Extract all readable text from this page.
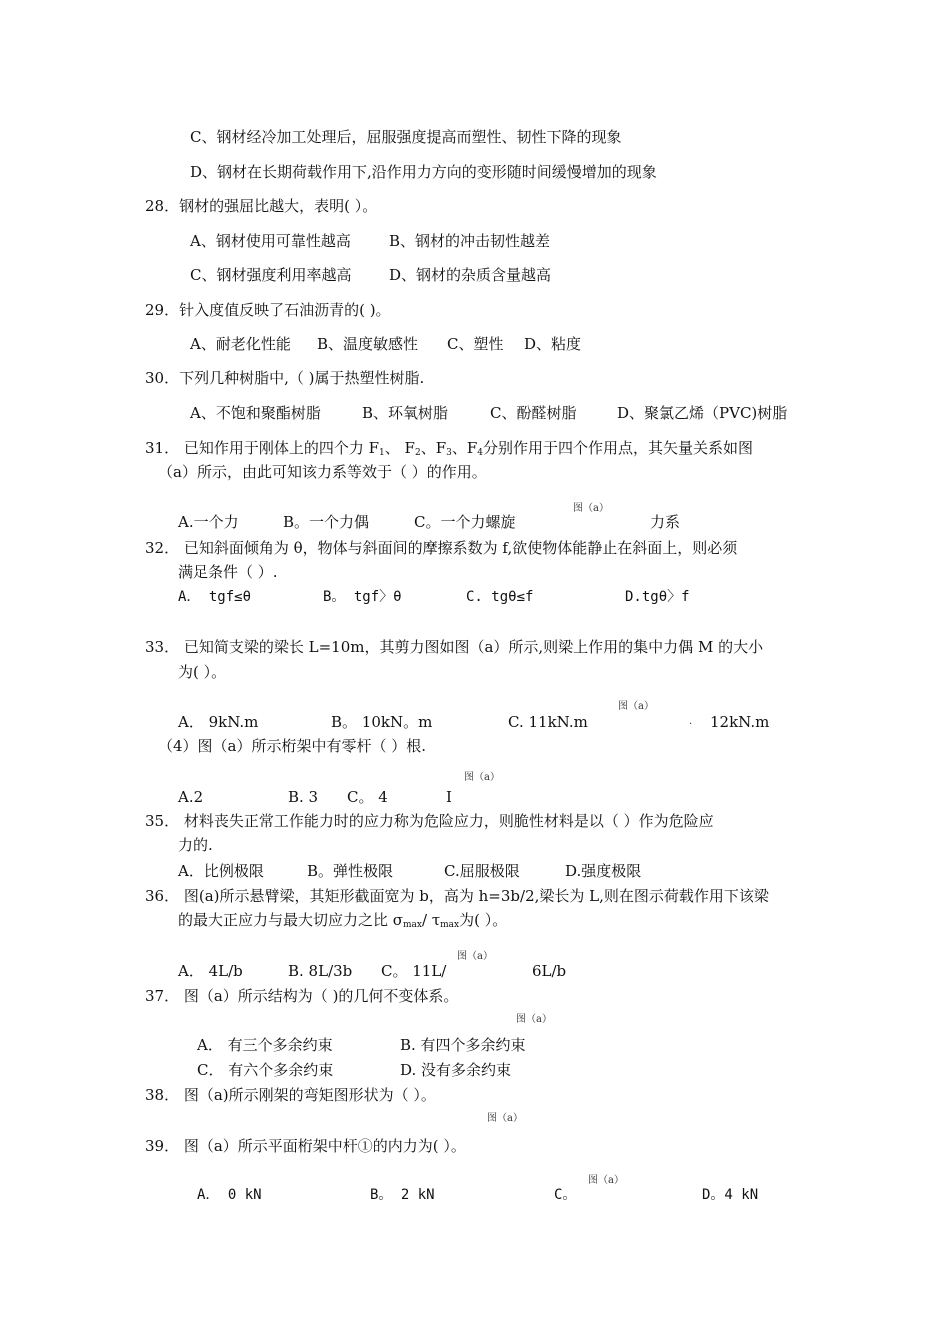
C、钢材经冷加工处理后，屈服强度提高而塑性、韧性下降的现象
D、钢材在长期荷载作用下,沿作用力方向的变形随时间缓慢增加的现象
28．钢材的强屈比越大，表明( ）。
A、钢材使用可靠性越高	B、钢材的冲击韧性越差
C、钢材强度利用率越高	D、钢材的杂质含量越高
29．针入度值反映了石油沥青的( )。
A、耐老化性能 B、温度敏感性 C、塑性 D、粘度
30．下列几种树脂中,（ )属于热塑性树脂.
A、不饱和聚酯树脂	B、环氧树脂	C、酚醛树脂	D、聚氯乙烯（PVC)树脂
31． 已知作用于刚体上的四个力 $F_1$、 $F_2$、$F_3$、$F_4$分别作用于四个作用点，其矢量关系如图
（a）所示，由此可知该力系等效于（ ）的作用。
图（a）
A.一个力	B。一个力偶	C。一个力螺旋	力系
32． 已知斜面倾角为 θ，物体与斜面间的摩擦系数为 f,欲使物体能静止在斜面上，则必须
满足条件（ ）.
A． tgf≤θ	B。 tgf〉θ	C. tgθ≤f	D.tgθ〉f
33． 已知简支梁的梁长 L=10m，其剪力图如图（a）所示,则梁上作用的集中力偶 M 的大小
为( ）。
图（a）
A． 9kN.m	B。 10kN。m	C. 11kN.m	. 12kN.m
（4）图（a）所示桁架中有零杆（ ）根.
图（a）
A.2	B. 3 C。 4	I
35． 材料丧失正常工作能力时的应力称为危险应力，则脆性材料是以（ ）作为危险应
力的.
A．比例极限	B。弹性极限	C.屈服极限	D.强度极限
36． 图(a)所示悬臂梁，其矩形截面宽为 b，高为 h=3b/2,梁长为 L,则在图示荷载作用下该梁
的最大正应力与最大切应力之比 $\sigma_{max}/$ $\tau_{max}$为( ）。
图（a）
A． 4L/b	B. 8L/3b C。 11L/	6L/b
37． 图（a）所示结构为（ )的几何不变体系。
图（a）
A． 有三个多余约束	B. 有四个多余约束
C． 有六个多余约束	D. 没有多余约束
38． 图（a)所示刚架的弯矩图形状为（ ）。
图（a）
39． 图（a）所示平面桁架中杆①的内力为( ）。
图（a）
A． 0 kN	B。 2 kN	C。	D。4 kN
